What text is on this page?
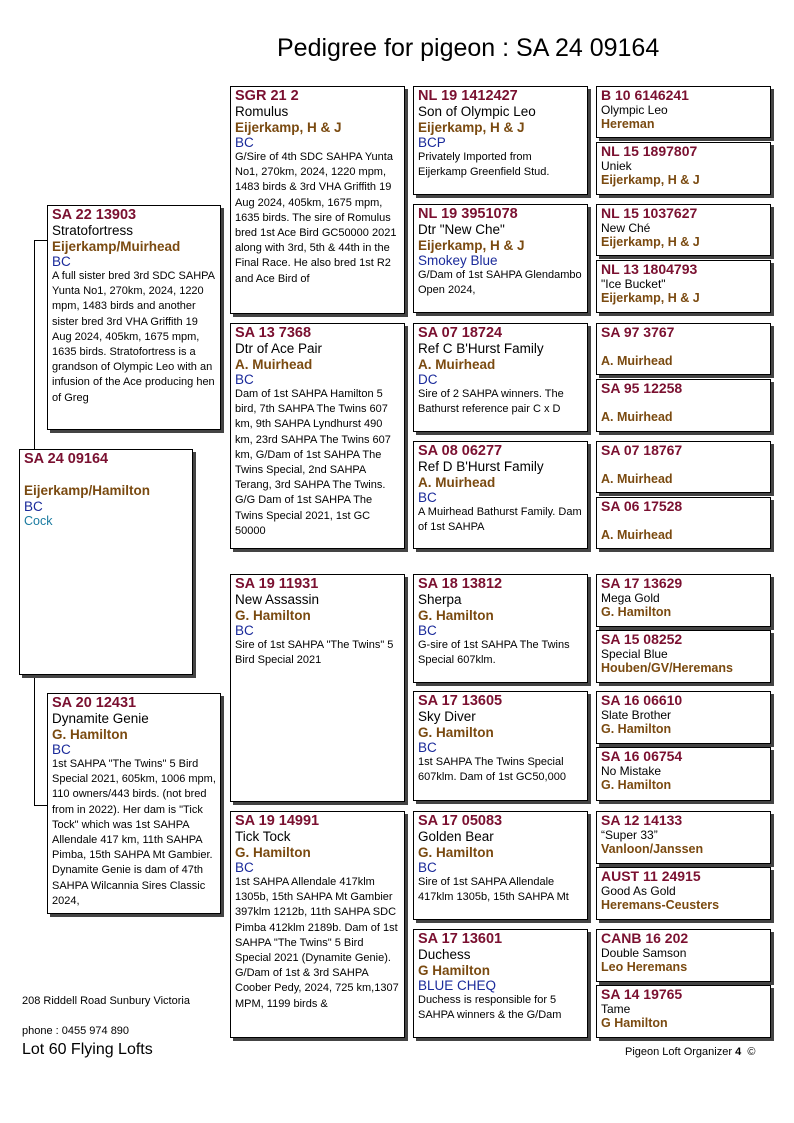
Pedigree for pigeon : SA 24 09164
SA 24 09164
Eijerkamp/Hamilton
BC
Cock
SA 22 13903
Stratofortress
Eijerkamp/Muirhead
BC
A full sister bred 3rd SDC SAHPA Yunta No1, 270km, 2024, 1220 mpm, 1483 birds and another sister bred 3rd VHA Griffith 19 Aug 2024, 405km, 1675 mpm, 1635 birds. Stratofortress is a grandson of Olympic Leo with an infusion of the Ace producing hen of Greg
SA 20 12431
Dynamite Genie
G. Hamilton
BC
1st SAHPA "The Twins" 5 Bird Special 2021, 605km, 1006 mpm, 110 owners/443 birds. (not bred from in 2022). Her dam is "Tick Tock" which was 1st SAHPA Allendale 417 km, 11th SAHPA Pimba, 15th SAHPA Mt Gambier. Dynamite Genie is dam of 47th SAHPA Wilcannia Sires Classic 2024,
SGR 21 2
Romulus
Eijerkamp, H & J
BC
G/Sire of 4th SDC SAHPA Yunta No1, 270km, 2024, 1220 mpm, 1483 birds & 3rd VHA Griffith 19 Aug 2024, 405km, 1675 mpm, 1635 birds. The sire of Romulus bred 1st Ace Bird GC50000 2021 along with 3rd, 5th & 44th in the Final Race. He also bred 1st R2 and Ace Bird of
SA 13 7368
Dtr of Ace Pair
A. Muirhead
BC
Dam of 1st SAHPA Hamilton 5 bird, 7th SAHPA The Twins 607 km, 9th SAHPA Lyndhurst 490 km, 23rd SAHPA The Twins 607 km, G/Dam of 1st SAHPA The Twins Special, 2nd SAHPA Terang, 3rd SAHPA The Twins. G/G Dam of 1st SAHPA The Twins Special 2021, 1st GC 50000
SA 19 11931
New Assassin
G. Hamilton
BC
Sire of 1st SAHPA "The Twins" 5 Bird Special 2021
SA 19 14991
Tick Tock
G. Hamilton
BC
1st SAHPA Allendale 417klm 1305b, 15th SAHPA Mt Gambier 397klm 1212b, 11th SAHPA SDC Pimba 412klm 2189b. Dam of 1st SAHPA "The Twins" 5 Bird Special 2021 (Dynamite Genie). G/Dam of 1st & 3rd SAHPA Coober Pedy, 2024, 725 km,1307 MPM, 1199 birds &
NL 19 1412427
Son of Olympic Leo
Eijerkamp, H & J
BCP
Privately Imported from Eijerkamp Greenfield Stud.
NL 19 3951078
Dtr "New Che"
Eijerkamp, H & J
Smokey Blue
G/Dam of 1st SAHPA Glendambo Open 2024,
SA 07 18724
Ref C B'Hurst Family
A. Muirhead
DC
Sire of 2 SAHPA winners. The Bathurst reference pair C x D
SA 08 06277
Ref D B'Hurst Family
A. Muirhead
BC
A Muirhead Bathurst Family. Dam of 1st SAHPA
SA 18 13812
Sherpa
G. Hamilton
BC
G-sire of 1st SAHPA The Twins Special 607klm.
SA 17 13605
Sky Diver
G. Hamilton
BC
1st SAHPA The Twins Special 607klm. Dam of 1st GC50,000
SA 17 05083
Golden Bear
G. Hamilton
BC
Sire of 1st SAHPA Allendale 417klm 1305b, 15th SAHPA Mt
SA 17 13601
Duchess
G Hamilton
BLUE CHEQ
Duchess is responsible for 5 SAHPA winners & the G/Dam
B 10 6146241
Olympic Leo
Hereman
NL 15 1897807
Uniek
Eijerkamp, H & J
NL 15 1037627
New Ché
Eijerkamp, H & J
NL 13 1804793
"Ice Bucket"
Eijerkamp, H & J
SA 97 3767

A. Muirhead
SA 95 12258

A. Muirhead
SA 07 18767

A. Muirhead
SA 06 17528

A. Muirhead
SA 17 13629
Mega Gold
G. Hamilton
SA 15 08252
Special Blue
Houben/GV/Heremans
SA 16 06610
Slate Brother
G. Hamilton
SA 16 06754
No Mistake
G. Hamilton
SA 12 14133
“Super 33”
Vanloon/Janssen
AUST 11 24915
Good As Gold
Heremans-Ceusters
CANB 16 202
Double Samson
Leo Heremans
SA 14 19765
Tame
G Hamilton
208 Riddell Road Sunbury Victoria
phone : 0455 974 890
Lot 60 Flying Lofts	Pigeon Loft Organizer 4 ©
